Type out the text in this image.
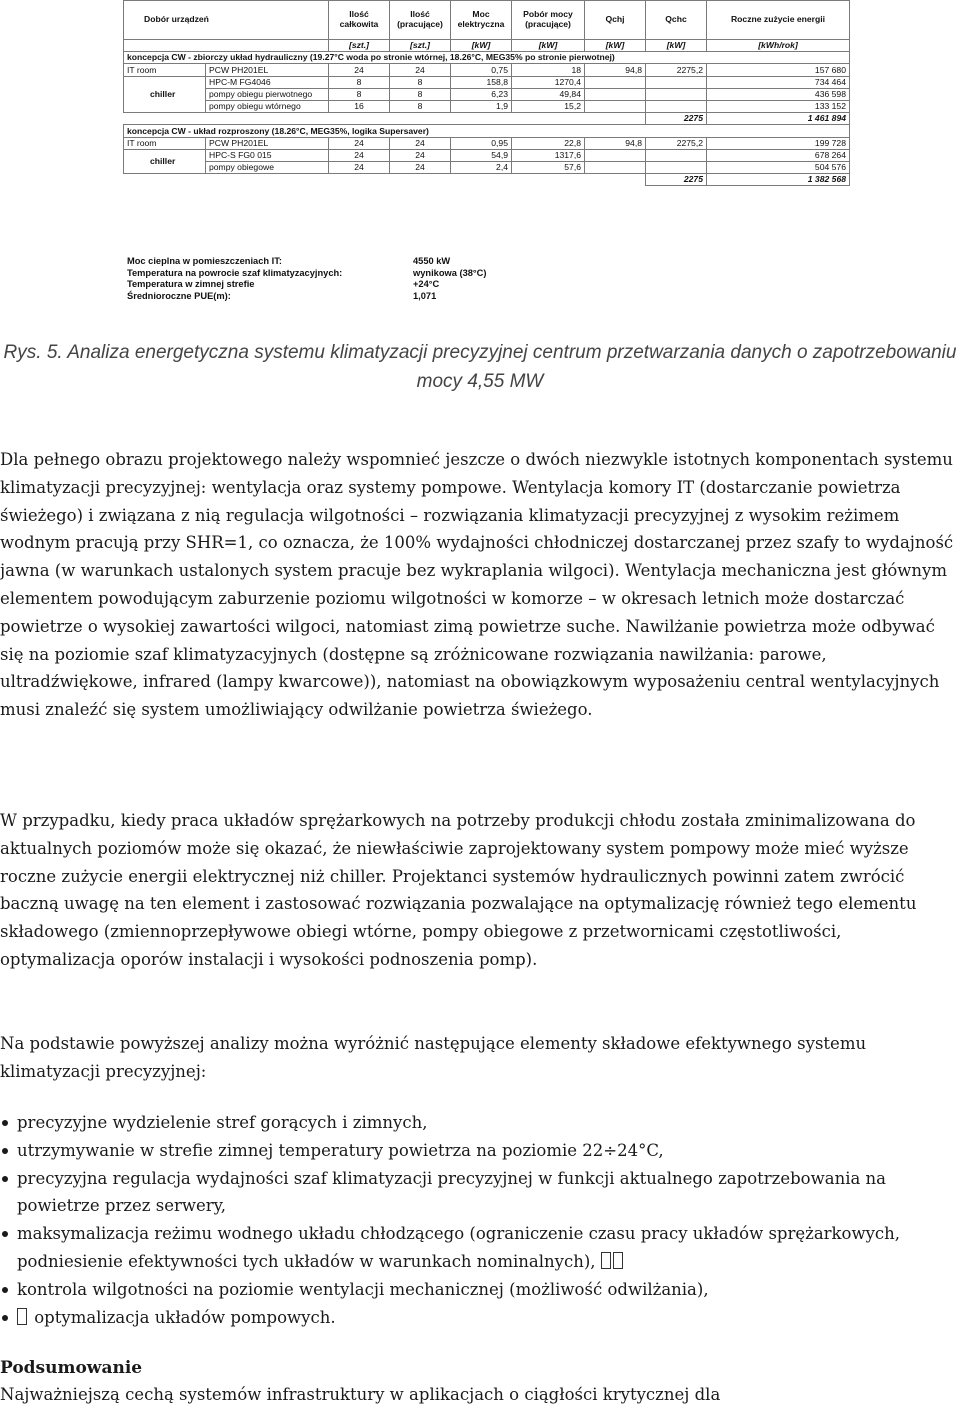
Dobór urządzeń		Ilość całkowita	Ilość (pracujące)	Moc elektryczna	Pobór mocy (pracujące)	Qchj	Qchc	Roczne zużycie energii
		[szt.]	[szt.]	[kW]	[kW]	[kW]	[kW]	[kWh/rok]
koncepcja CW - zbiorczy układ hydrauliczny (19.27°C woda po stronie wtórnej, 18.26°C, MEG35% po stronie pierwotnej)								
IT room	PCW PH201EL	24	24	0,75	18	94,8	2275,2	157 680
chiller	HPC-M FG4046	8	8	158,8	1270,4			734 464
	pompy obiegu pierwotnego	8	8	6,23	49,84			436 598
	pompy obiegu wtórnego	16	8	1,9	15,2			133 152
							2275	1 461 894
koncepcja CW - układ rozproszony (18.26°C, MEG35%, logika Supersaver)								
IT room	PCW PH201EL	24	24	0,95	22,8	94,8	2275,2	199 728
chiller	HPC-S FG0 015	24	24	54,9	1317,6			678 264
	pompy obiegowe	24	24	2,4	57,6			504 576
							2275	1 382 568
Moc cieplna w pomieszczeniach IT:	4550 kW
Temperatura na powrocie szaf klimatyzacyjnych:	wynikowa (38°C)
Temperatura w zimnej strefie	+24°C
Średnioroczne PUE(m):	1,071

Rys. 5. Analiza energetyczna systemu klimatyzacji precyzyjnej centrum przetwarzania danych o zapotrzebowaniu mocy 4,55 MW

Dla pełnego obrazu projektowego należy wspomnieć jeszcze o dwóch niezwykle istotnych komponentach systemu klimatyzacji precyzyjnej: wentylacja oraz systemy pompowe. Wentylacja komory IT (dostarczanie powietrza świeżego) i związana z nią regulacja wilgotności – rozwiązania klimatyzacji precyzyjnej z wysokim reżimem wodnym pracują przy SHR=1, co oznacza, że 100% wydajności chłodniczej dostarczanej przez szafy to wydajność jawna (w warunkach ustalonych system pracuje bez wykraplania wilgoci). Wentylacja mechaniczna jest głównym elementem powodującym zaburzenie poziomu wilgotności w komorze – w okresach letnich może dostarczać powietrze o wysokiej zawartości wilgoci, natomiast zimą powietrze suche. Nawilżanie powietrza może odbywać się na poziomie szaf klimatyzacyjnych (dostępne są zróżnicowane rozwiązania nawilżania: parowe, ultradźwiękowe, infrared (lampy kwarcowe)), natomiast na obowiązkowym wyposażeniu central wentylacyjnych musi znaleźć się system umożliwiający odwilżanie powietrza świeżego.

W przypadku, kiedy praca układów sprężarkowych na potrzeby produkcji chłodu została zminimalizowana do aktualnych poziomów może się okazać, że niewłaściwie zaprojektowany system pompowy może mieć wyższe roczne zużycie energii elektrycznej niż chiller. Projektanci systemów hydraulicznych powinni zatem zwrócić baczną uwagę na ten element i zastosować rozwiązania pozwalające na optymalizację również tego elementu składowego (zmiennoprzepływowe obiegi wtórne, pompy obiegowe z przetwornicami częstotliwości, optymalizacja oporów instalacji i wysokości podnoszenia pomp).

Na podstawie powyższej analizy można wyróżnić następujące elementy składowe efektywnego systemu klimatyzacji precyzyjnej:

precyzyjne wydzielenie stref gorących i zimnych,
utrzymywanie w strefie zimnej temperatury powietrza na poziomie 22÷24°C,
precyzyjna regulacja wydajności szaf klimatyzacji precyzyjnej w funkcji aktualnego zapotrzebowania na powietrze przez serwery,
maksymalizacja reżimu wodnego układu chłodzącego (ograniczenie czasu pracy układów sprężarkowych, podniesienie efektywności tych układów w warunkach nominalnych),
kontrola wilgotności na poziomie wentylacji mechanicznej (możliwość odwilżania),
optymalizacja układów pompowych.

Podsumowanie

Najważniejszą cechą systemów infrastruktury w aplikacjach o ciągłości krytycznej dla
